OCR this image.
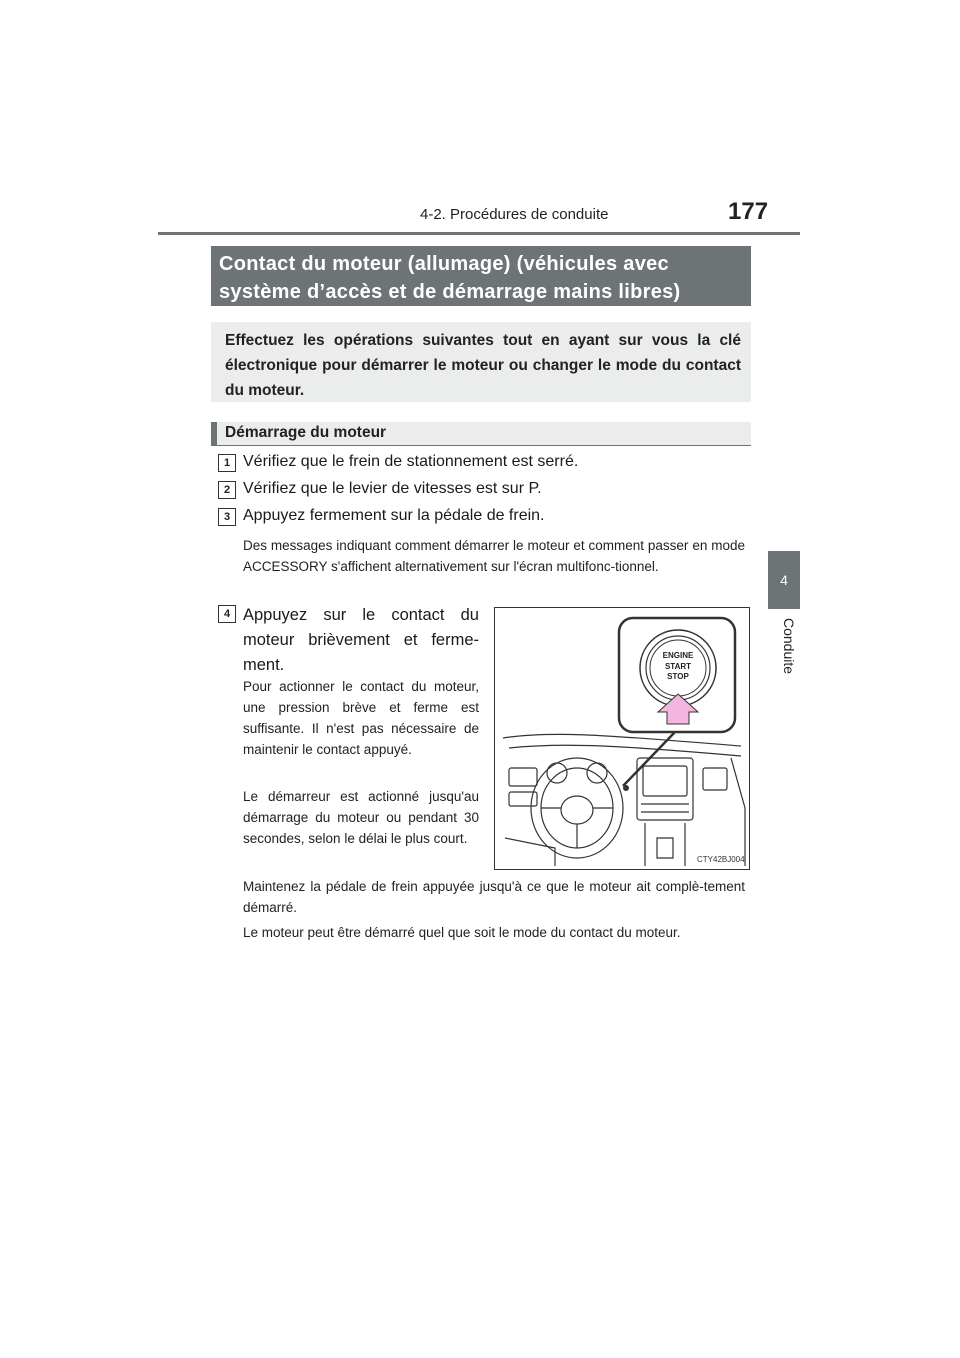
4-2. Procédures de conduite	177
4
Conduite
Contact du moteur (allumage) (véhicules avec
système d’accès et de démarrage mains libres)
Effectuez les opérations suivantes tout en ayant sur vous la clé électronique pour démarrer le moteur ou changer le mode du contact du moteur.
Démarrage du moteur
1 Vérifiez que le frein de stationnement est serré.
2 Vérifiez que le levier de vitesses est sur P.
3 Appuyez fermement sur la pédale de frein.
Des messages indiquant comment démarrer le moteur et comment passer en mode ACCESSORY s'affichent alternativement sur l'écran multifonc-tionnel.
4 Appuyez sur le contact du moteur brièvement et ferme-ment.
Pour actionner le contact du moteur, une pression brève et ferme est suffisante. Il n'est pas nécessaire de maintenir le contact appuyé.
Le démarreur est actionné jusqu'au démarrage du moteur ou pendant 30 secondes, selon le délai le plus court.
Maintenez la pédale de frein appuyée jusqu'à ce que le moteur ait complè-tement démarré.
Le moteur peut être démarré quel que soit le mode du contact du moteur.
ENGINE
START
STOP
CTY42BJ004
